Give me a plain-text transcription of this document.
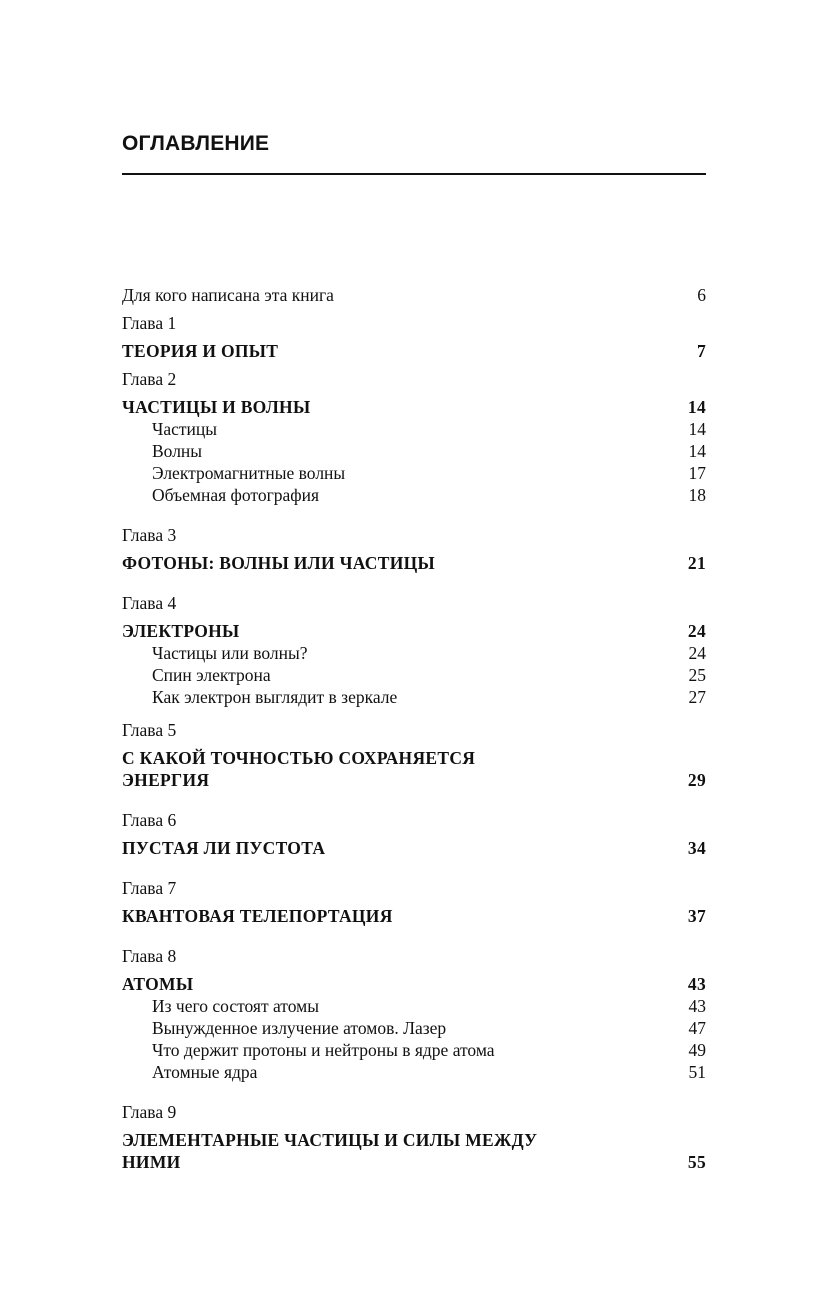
ОГЛАВЛЕНИЕ
Для кого написана эта книга	6
Глава 1
ТЕОРИЯ И ОПЫТ	7
Глава 2
ЧАСТИЦЫ И ВОЛНЫ	14
Частицы	14
Волны	14
Электромагнитные волны	17
Объемная фотография	18
Глава 3
ФОТОНЫ: ВОЛНЫ ИЛИ ЧАСТИЦЫ	21
Глава 4
ЭЛЕКТРОНЫ	24
Частицы или волны?	24
Спин электрона	25
Как электрон выглядит в зеркале	27
Глава 5
С КАКОЙ ТОЧНОСТЬЮ СОХРАНЯЕТСЯ
ЭНЕРГИЯ	29
Глава 6
ПУСТАЯ ЛИ ПУСТОТА	34
Глава 7
КВАНТОВАЯ ТЕЛЕПОРТАЦИЯ	37
Глава 8
АТОМЫ	43
Из чего состоят атомы	43
Вынужденное излучение атомов. Лазер	47
Что держит протоны и нейтроны в ядре атома	49
Атомные ядра	51
Глава 9
ЭЛЕМЕНТАРНЫЕ ЧАСТИЦЫ И СИЛЫ МЕЖДУ
НИМИ	55
